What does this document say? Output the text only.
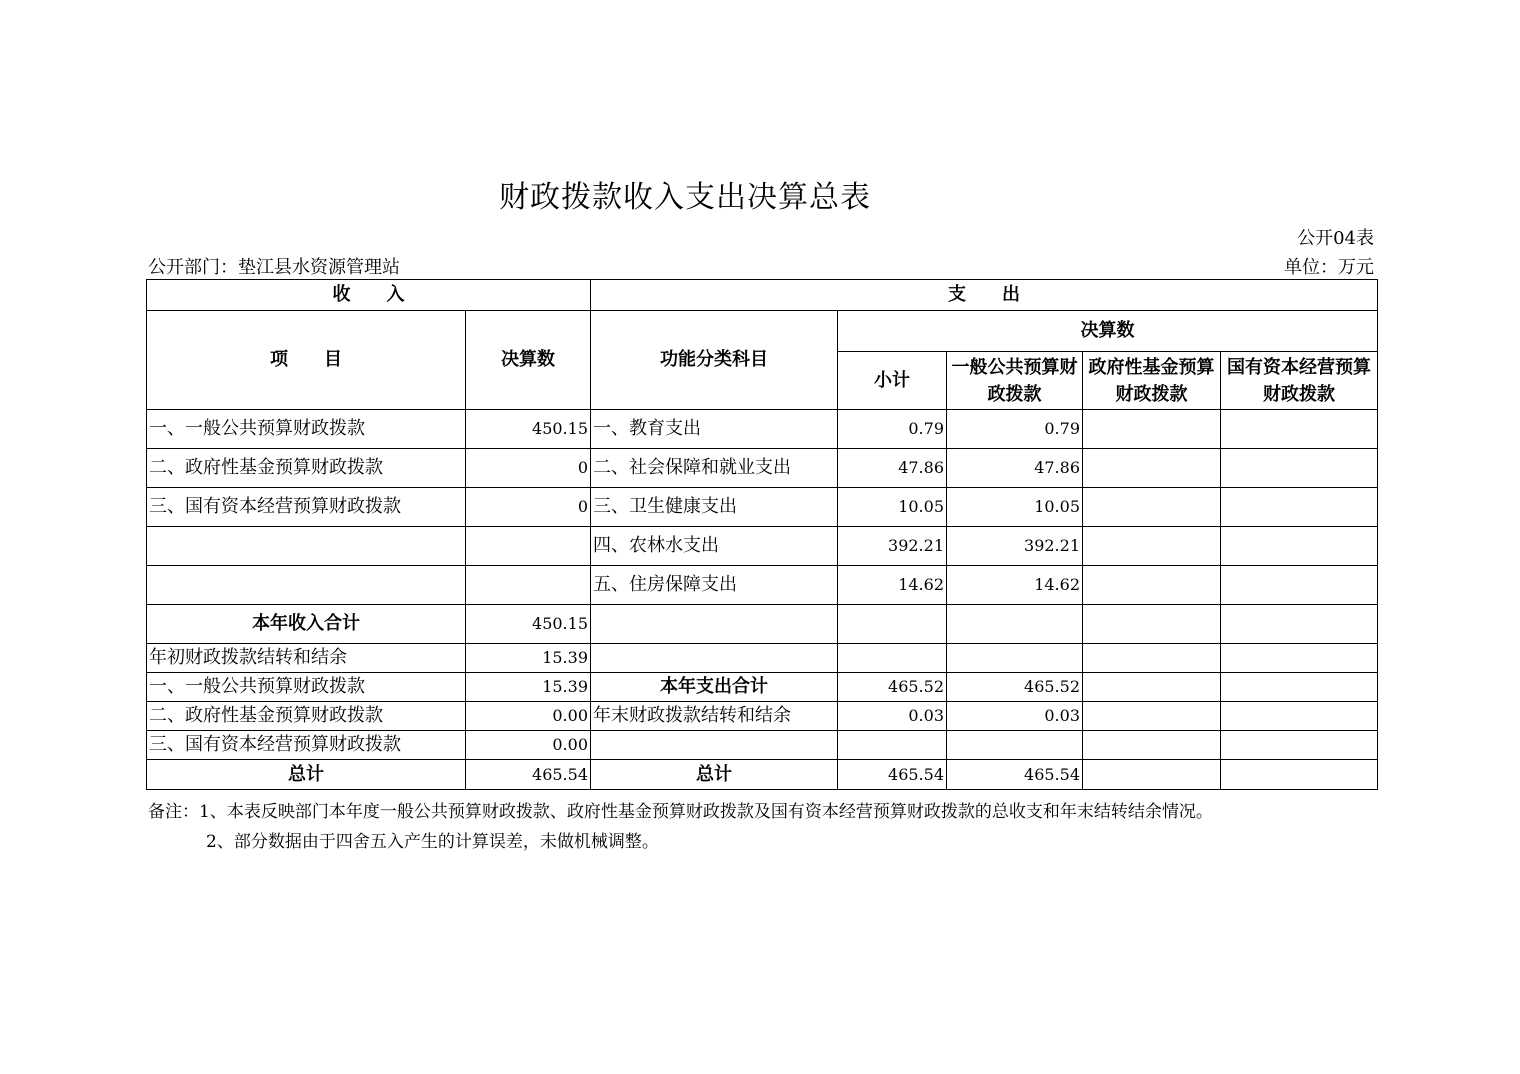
财政拨款收入支出决算总表
公开04表
公开部门：垫江县水资源管理站	单位：万元
收　　入		支　　出				
项　　目	决算数	功能分类科目	决算数			
			小计	一般公共预算财政拨款	政府性基金预算财政拨款	国有资本经营预算财政拨款
一、一般公共预算财政拨款	450.15	一、教育支出	0.79	0.79		
二、政府性基金预算财政拨款	0	二、社会保障和就业支出	47.86	47.86		
三、国有资本经营预算财政拨款	0	三、卫生健康支出	10.05	10.05		
		四、农林水支出	392.21	392.21		
		五、住房保障支出	14.62	14.62		
本年收入合计	450.15					
年初财政拨款结转和结余	15.39					
一、一般公共预算财政拨款	15.39	本年支出合计	465.52	465.52		
二、政府性基金预算财政拨款	0.00	年末财政拨款结转和结余	0.03	0.03		
三、国有资本经营预算财政拨款	0.00					
总计	465.54	总计	465.54	465.54		
备注：1、本表反映部门本年度一般公共预算财政拨款、政府性基金预算财政拨款及国有资本经营预算财政拨款的总收支和年末结转结余情况。
2、部分数据由于四舍五入产生的计算误差，未做机械调整。
